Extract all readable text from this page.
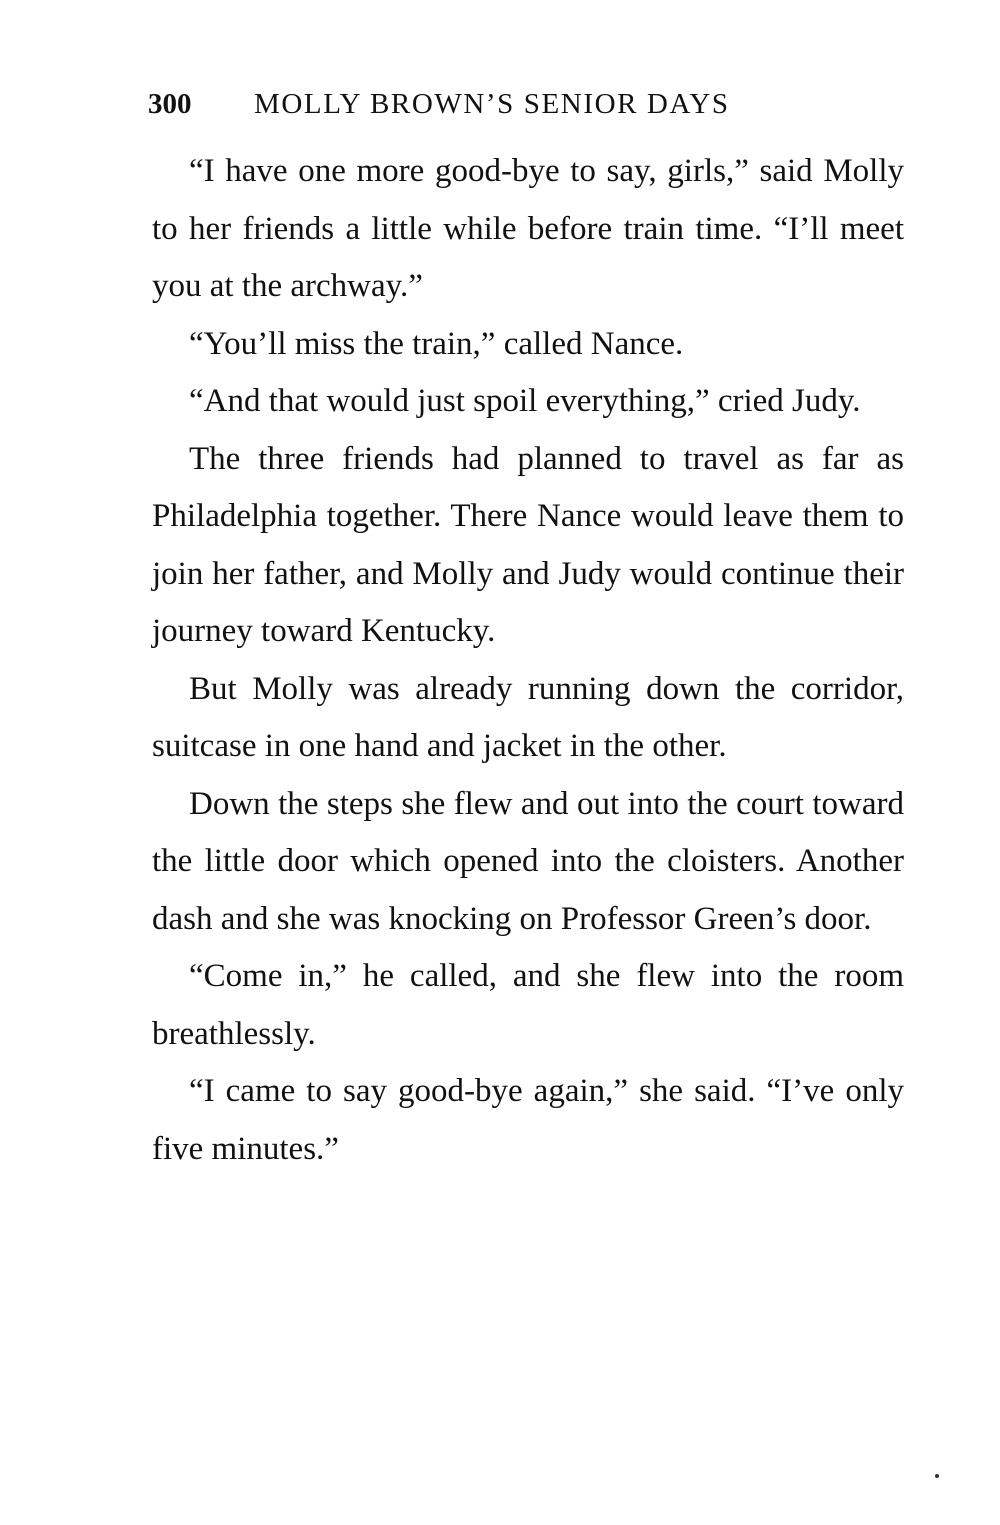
300 MOLLY BROWN’S SENIOR DAYS

“I have one more good-bye to say, girls,” said Molly to her friends a little while before train time. “I’ll meet you at the archway.”

“You’ll miss the train,” called Nance.

“And that would just spoil everything,” cried Judy.

The three friends had planned to travel as far as Philadelphia together. There Nance would leave them to join her father, and Molly and Judy would continue their journey toward Kentucky.

But Molly was already running down the corridor, suitcase in one hand and jacket in the other.

Down the steps she flew and out into the court toward the little door which opened into the cloisters. Another dash and she was knocking on Professor Green’s door.

“Come in,” he called, and she flew into the room breathlessly.

“I came to say good-bye again,” she said. “I’ve only five minutes.”
